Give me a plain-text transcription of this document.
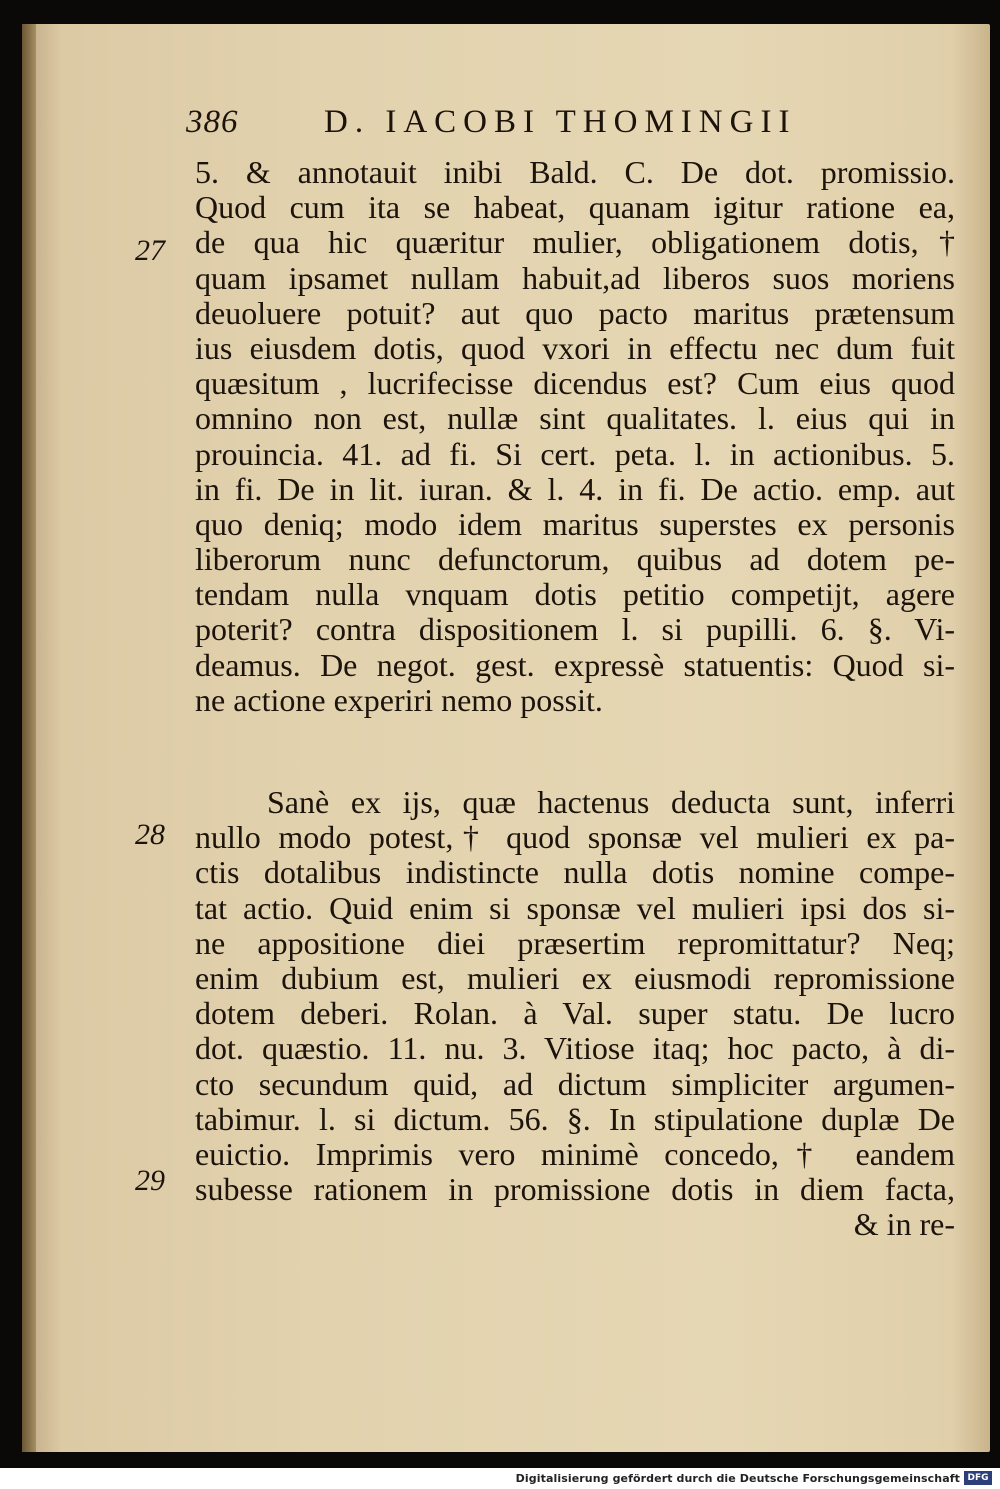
386	D. IACOBI THOMINGII
27
28
29
5. & annotauit inibi Bald. C. De dot. promissio.
Quod cum ita se habeat, quanam igitur ratione ea,
de qua hic quæritur mulier, obligationem dotis,†
quam ipsamet nullam habuit,ad liberos suos moriens
deuoluere potuit? aut quo pacto maritus prætensum
ius eiusdem dotis, quod vxori in effectu nec dum fuit
quæsitum , lucrifecisse dicendus est? Cum eius quod
omnino non est, nullæ sint qualitates. l. eius qui in
prouincia. 41. ad fi. Si cert. peta. l. in actionibus. 5.
in fi. De in lit. iuran. & l. 4. in fi. De actio. emp. aut
quo deniq; modo idem maritus superstes ex personis
liberorum nunc defunctorum, quibus ad dotem pe-
tendam nulla vnquam dotis petitio competijt, agere
poterit? contra dispositionem l. si pupilli. 6. §. Vi-
deamus. De negot. gest. expressè statuentis: Quod si-
ne actione experiri nemo possit.
Sanè ex ijs, quæ hactenus deducta sunt, inferri
nullo modo potest,† quod sponsæ vel mulieri ex pa-
ctis dotalibus indistincte nulla dotis nomine compe-
tat actio. Quid enim si sponsæ vel mulieri ipsi dos si-
ne appositione diei præsertim repromittatur? Neq;
enim dubium est, mulieri ex eiusmodi repromissione
dotem deberi. Rolan. à Val. super statu. De lucro
dot. quæstio. 11. nu. 3. Vitiose itaq; hoc pacto, à di-
cto secundum quid, ad dictum simpliciter argumen-
tabimur. l. si dictum. 56. §. In stipulatione duplæ De
euictio. Imprimis vero minimè concedo,† eandem
subesse rationem in promissione dotis in diem facta,
& in re-
Digitalisierung gefördert durch die Deutsche Forschungsgemeinschaft DFG
